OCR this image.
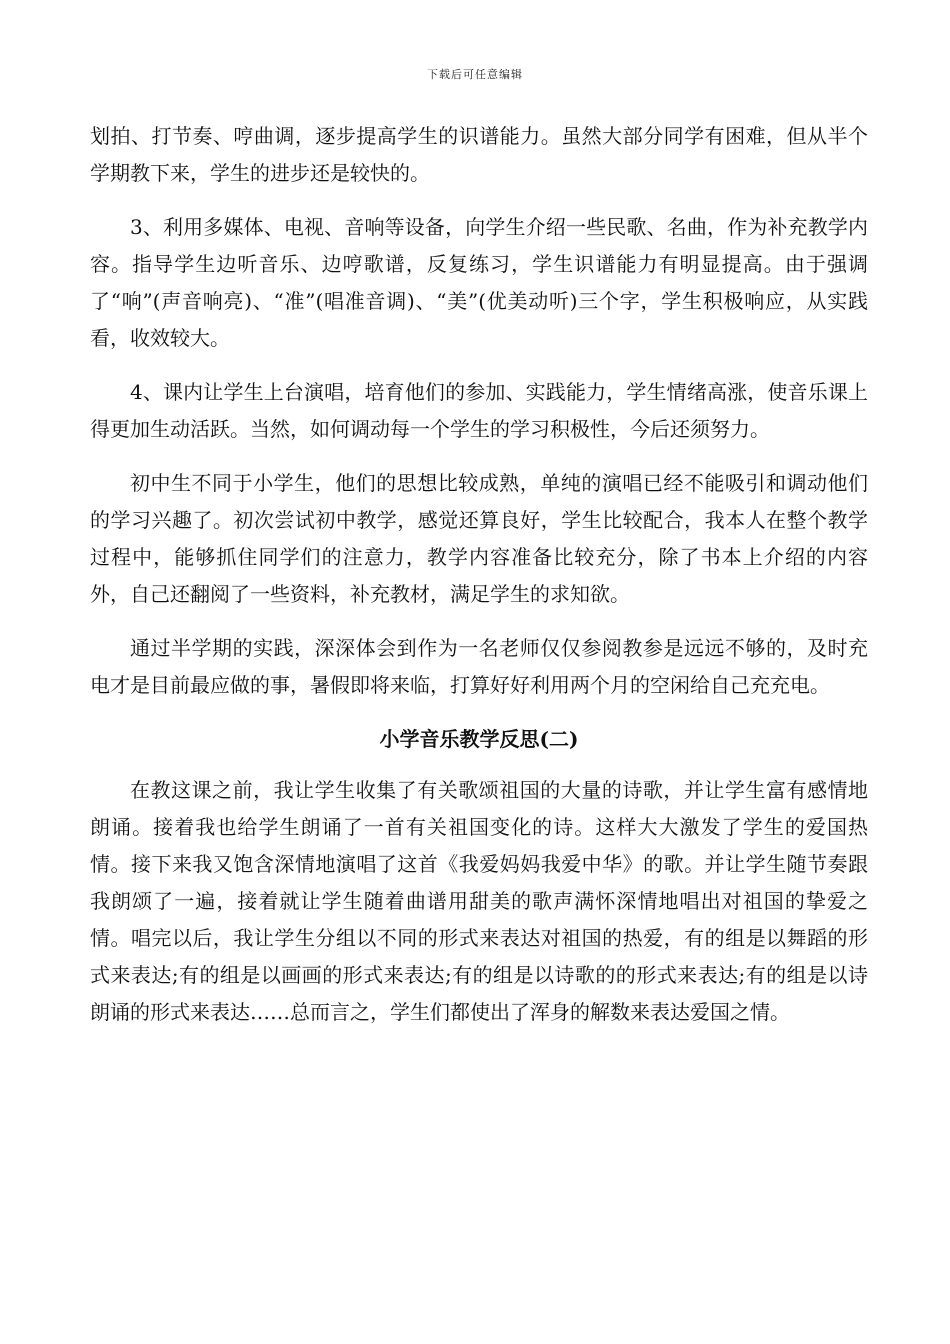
下载后可任意编辑

划拍、打节奏、哼曲调，逐步提高学生的识谱能力。虽然大部分同学有困难，但从半个学期教下来，学生的进步还是较快的。

3、利用多媒体、电视、音响等设备，向学生介绍一些民歌、名曲，作为补充教学内容。指导学生边听音乐、边哼歌谱，反复练习，学生识谱能力有明显提高。由于强调了“响”(声音响亮)、“准”(唱准音调)、“美”(优美动听)三个字，学生积极响应，从实践看，收效较大。

4、课内让学生上台演唱，培育他们的参加、实践能力，学生情绪高涨，使音乐课上得更加生动活跃。当然，如何调动每一个学生的学习积极性，今后还须努力。

初中生不同于小学生，他们的思想比较成熟，单纯的演唱已经不能吸引和调动他们的学习兴趣了。初次尝试初中教学，感觉还算良好，学生比较配合，我本人在整个教学过程中，能够抓住同学们的注意力，教学内容准备比较充分，除了书本上介绍的内容外，自己还翻阅了一些资料，补充教材，满足学生的求知欲。

通过半学期的实践，深深体会到作为一名老师仅仅参阅教参是远远不够的，及时充电才是目前最应做的事，暑假即将来临，打算好好利用两个月的空闲给自己充充电。

小学音乐教学反思(二)

在教这课之前，我让学生收集了有关歌颂祖国的大量的诗歌，并让学生富有感情地朗诵。接着我也给学生朗诵了一首有关祖国变化的诗。这样大大激发了学生的爱国热情。接下来我又饱含深情地演唱了这首《我爱妈妈我爱中华》的歌。并让学生随节奏跟我朗颂了一遍，接着就让学生随着曲谱用甜美的歌声满怀深情地唱出对祖国的挚爱之情。唱完以后，我让学生分组以不同的形式来表达对祖国的热爱，有的组是以舞蹈的形式来表达;有的组是以画画的形式来表达;有的组是以诗歌的的形式来表达;有的组是以诗朗诵的形式来表达……总而言之，学生们都使出了浑身的解数来表达爱国之情。
